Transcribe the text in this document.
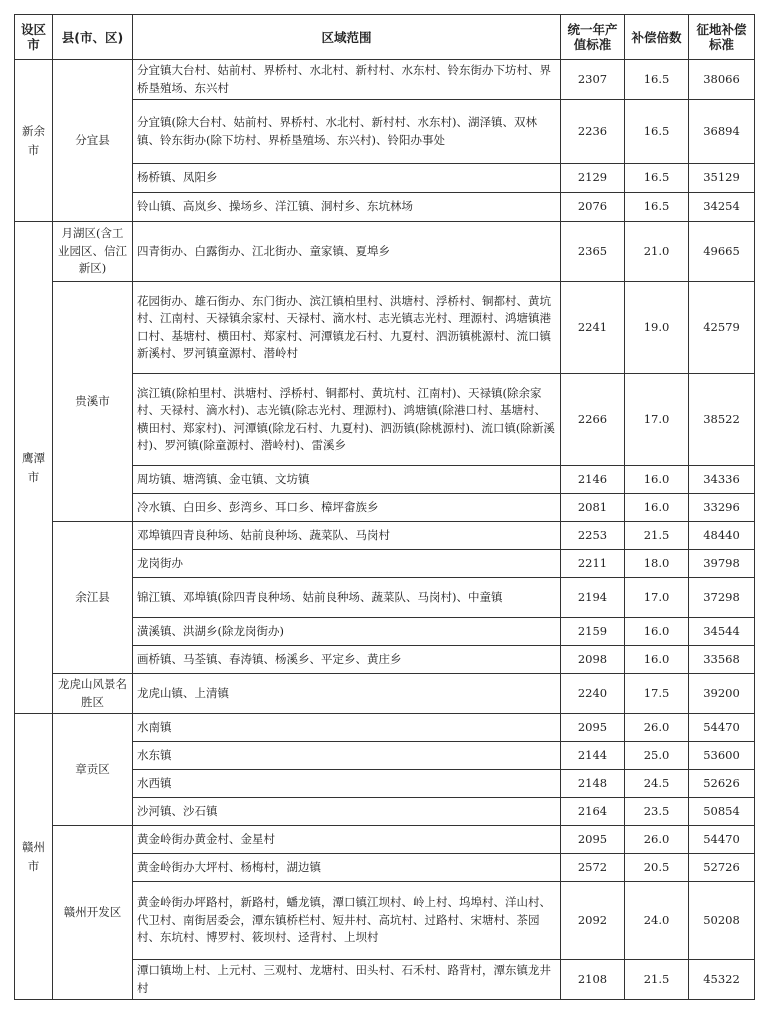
设区市	县(市、区)	区域范围	统一年产值标准	补偿倍数	征地补偿标准

新余市	分宜县	分宜镇大台村、姑前村、界桥村、水北村、新村村、水东村、铃东街办下坊村、界桥垦殖场、东兴村	2307	16.5	38066
		分宜镇(除大台村、姑前村、界桥村、水北村、新村村、水东村)、湖泽镇、双林镇、铃东街办(除下坊村、界桥垦殖场、东兴村)、铃阳办事处	2236	16.5	36894
		杨桥镇、凤阳乡	2129	16.5	35129
		铃山镇、高岚乡、操场乡、洋江镇、洞村乡、东坑林场	2076	16.5	34254

鹰潭市	月湖区(含工业园区、信江新区)	四青街办、白露街办、江北街办、童家镇、夏埠乡	2365	21.0	49665
	贵溪市	花园街办、雄石街办、东门街办、滨江镇柏里村、洪塘村、浮桥村、铜都村、黄坑村、江南村、天禄镇余家村、天禄村、滴水村、志光镇志光村、理源村、鸿塘镇港口村、基塘村、横田村、郑家村、河潭镇龙石村、九夏村、泗沥镇桃源村、流口镇新溪村、罗河镇童源村、潜岭村	2241	19.0	42579
		滨江镇(除柏里村、洪塘村、浮桥村、铜都村、黄坑村、江南村)、天禄镇(除余家村、天禄村、滴水村)、志光镇(除志光村、理源村)、鸿塘镇(除港口村、基塘村、横田村、郑家村)、河潭镇(除龙石村、九夏村)、泗沥镇(除桃源村)、流口镇(除新溪村)、罗河镇(除童源村、潜岭村)、雷溪乡	2266	17.0	38522
		周坊镇、塘湾镇、金屯镇、文坊镇	2146	16.0	34336
		冷水镇、白田乡、彭湾乡、耳口乡、樟坪畲族乡	2081	16.0	33296
	余江县	邓埠镇四青良种场、姑前良种场、蔬菜队、马岗村	2253	21.5	48440
		龙岗街办	2211	18.0	39798
		锦江镇、邓埠镇(除四青良种场、姑前良种场、蔬菜队、马岗村)、中童镇	2194	17.0	37298
		潢溪镇、洪湖乡(除龙岗街办)	2159	16.0	34544
		画桥镇、马荃镇、春涛镇、杨溪乡、平定乡、黄庄乡	2098	16.0	33568
	龙虎山风景名胜区	龙虎山镇、上清镇	2240	17.5	39200

赣州市	章贡区	水南镇	2095	26.0	54470
		水东镇	2144	25.0	53600
		水西镇	2148	24.5	52626
		沙河镇、沙石镇	2164	23.5	50854
	赣州开发区	黄金岭街办黄金村、金星村	2095	26.0	54470
		黄金岭街办大坪村、杨梅村，湖边镇	2572	20.5	52726
		黄金岭街办坪路村，新路村，蟠龙镇，潭口镇江坝村、岭上村、坞埠村、洋山村、代卫村、南街居委会，潭东镇桥栏村、短井村、高坑村、过路村、宋塘村、茶园村、东坑村、博罗村、筱坝村、迳背村、上坝村	2092	24.0	50208
		潭口镇坳上村、上元村、三观村、龙塘村、田头村、石禾村、路背村，潭东镇龙井村	2108	21.5	45322
